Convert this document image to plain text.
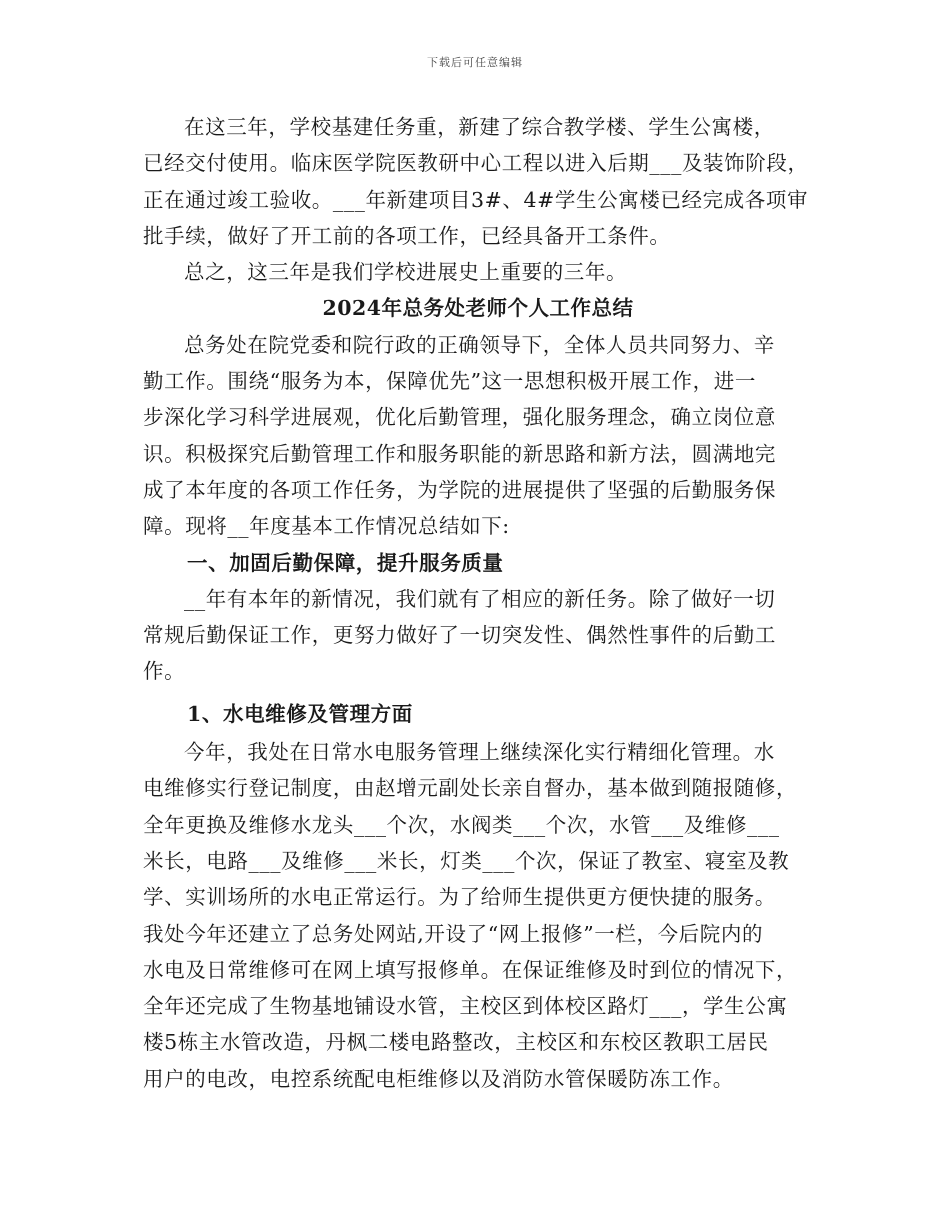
下载后可任意编辑

在这三年，学校基建任务重，新建了综合教学楼、学生公寓楼，
已经交付使用。临床医学院医教研中心工程以进入后期___及装饰阶段，
正在通过竣工验收。___年新建项目3#、4#学生公寓楼已经完成各项审
批手续，做好了开工前的各项工作，已经具备开工条件。

总之，这三年是我们学校进展史上重要的三年。

2024年总务处老师个人工作总结

总务处在院党委和院行政的正确领导下，全体人员共同努力、辛
勤工作。围绕“服务为本，保障优先”这一思想积极开展工作，进一
步深化学习科学进展观，优化后勤管理，强化服务理念，确立岗位意
识。积极探究后勤管理工作和服务职能的新思路和新方法，圆满地完
成了本年度的各项工作任务，为学院的进展提供了坚强的后勤服务保
障。现将__年度基本工作情况总结如下:

一、加固后勤保障，提升服务质量

__年有本年的新情况，我们就有了相应的新任务。除了做好一切
常规后勤保证工作，更努力做好了一切突发性、偶然性事件的后勤工
作。

1、水电维修及管理方面

今年，我处在日常水电服务管理上继续深化实行精细化管理。水
电维修实行登记制度，由赵增元副处长亲自督办，基本做到随报随修，
全年更换及维修水龙头___个次，水阀类___个次，水管___及维修___
米长，电路___及维修___米长，灯类___个次，保证了教室、寝室及教
学、实训场所的水电正常运行。为了给师生提供更方便快捷的服务。
我处今年还建立了总务处网站,开设了“网上报修”一栏，今后院内的
水电及日常维修可在网上填写报修单。在保证维修及时到位的情况下，
全年还完成了生物基地铺设水管，主校区到体校区路灯___，学生公寓
楼5栋主水管改造，丹枫二楼电路整改，主校区和东校区教职工居民
用户的电改，电控系统配电柜维修以及消防水管保暖防冻工作。
